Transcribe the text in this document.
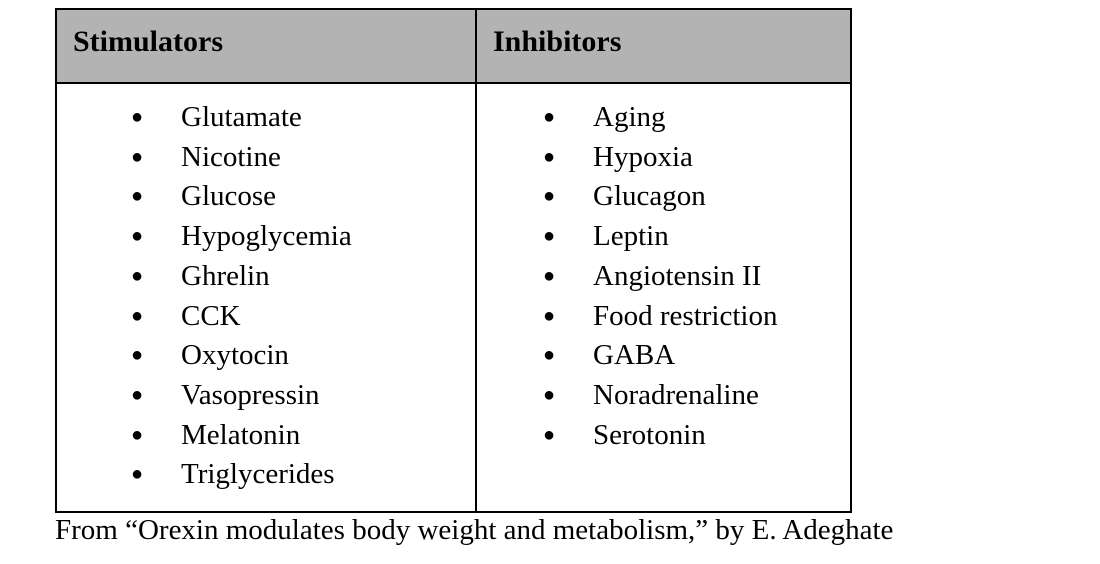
Stimulators	Inhibitors

● Glutamate
● Nicotine
● Glucose
● Hypoglycemia
● Ghrelin
● CCK
● Oxytocin
● Vasopressin
● Melatonin
● Triglycerides

● Aging
● Hypoxia
● Glucagon
● Leptin
● Angiotensin II
● Food restriction
● GABA
● Noradrenaline
● Serotonin
From “Orexin modulates body weight and metabolism,” by E. Adeghate
